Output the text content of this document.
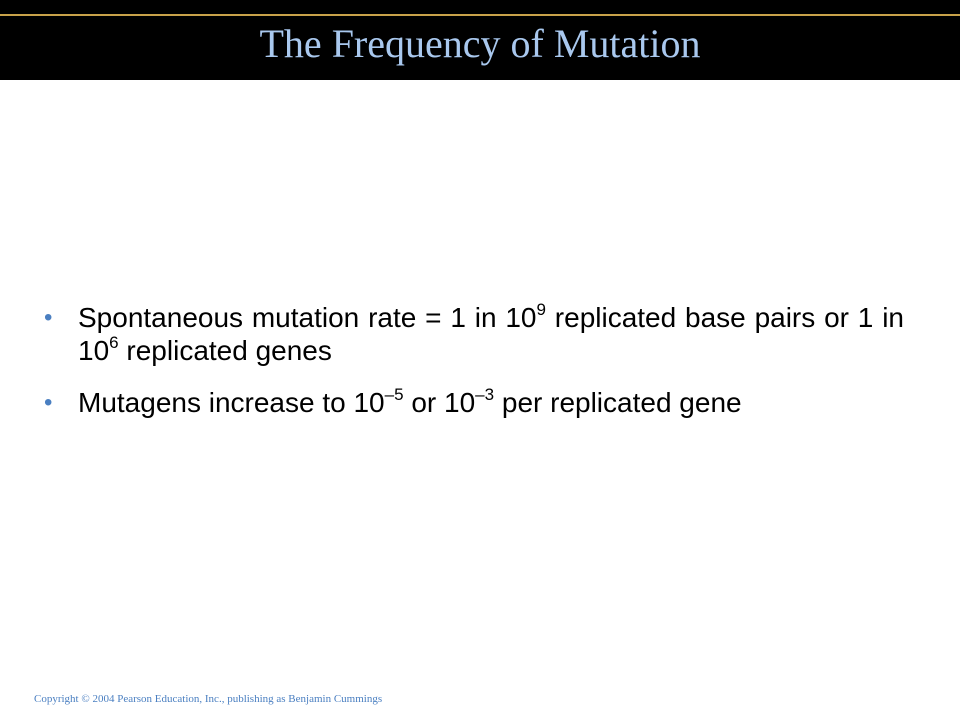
The Frequency of Mutation
• Spontaneous mutation rate = 1 in $10^9$ replicated base pairs or 1 in $10^6$ replicated genes
• Mutagens increase to $10^{-5}$ or $10^{-3}$ per replicated gene
Copyright © 2004 Pearson Education, Inc., publishing as Benjamin Cummings
